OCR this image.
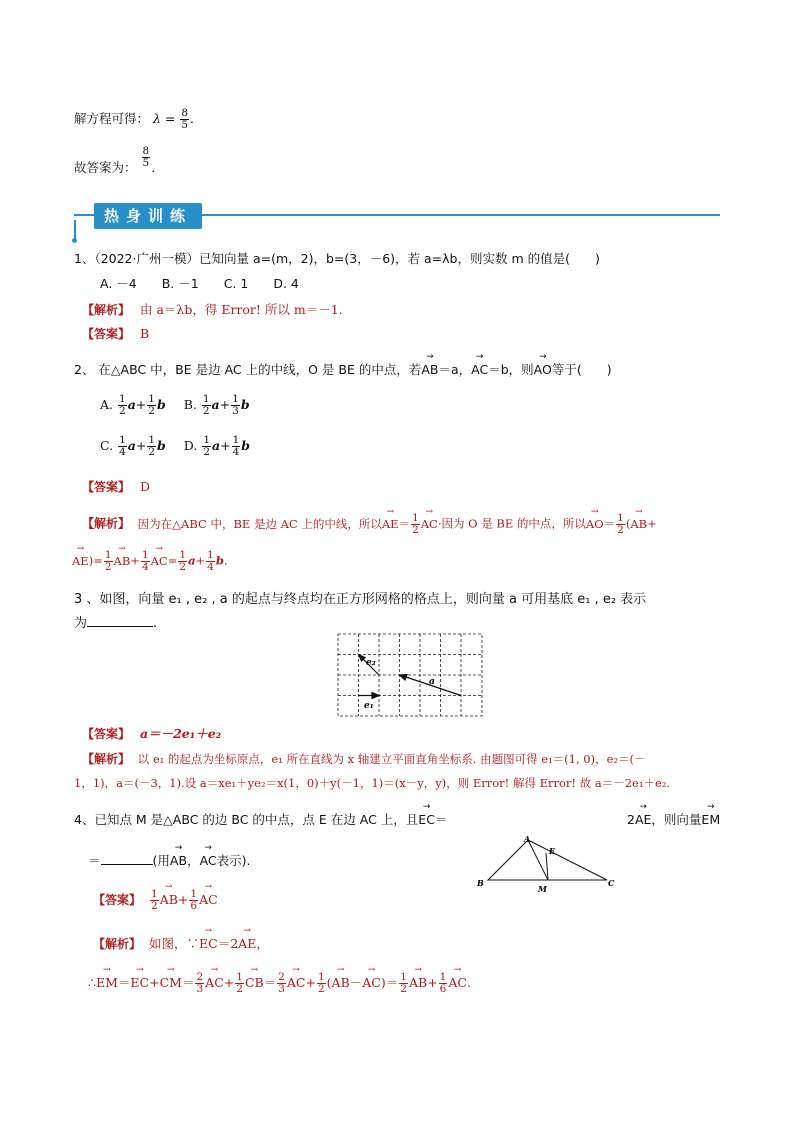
解方程可得： $\lambda = \frac{8}{5}$ .
故答案为： $\frac{8}{5}$ .
热身训练
1、（2022·广州一模）已知向量 a=(m，2)，b=(3，－6)，若 a=λb，则实数 m 的值是(　　)
A. －4　　B. －1　　C. 1　　D. 4
【解析】 由 a＝λb，得 Error! 所以 m＝－1.
【答案】 B
2、 在△ABC 中，BE 是边 AC 上的中线，O 是 BE 的中点，若→ AB＝a，→ AC＝b，则→ AO等于(　　)
A. $\frac{1}{2} a+ \frac{1}{2}$ b B. $\frac{1}{2} a+ \frac{1}{3}$ b
C. $\frac{1}{4} a+ \frac{1}{2}$ b D. $\frac{1}{2} a+ \frac{1}{4}$ b
【答案】 D
【解析】 因为在△ABC 中，BE 是边 AC 上的中线，所以→ $AE= \frac{1}{2}$
→ AC·因为 O 是 BE 的中点，所以→ $AO= \frac{1}{2}$ (→ AB+
→ $AE)= \frac{1}{2}$
→ $AB+ \frac{1}{4}$
→ $AC= \frac{1}{2} a+ \frac{1}{4} b$.
3 、如图，向量 e₁ , e₂ , a 的起点与终点均在正方形网格的格点上，则向量 a 可用基底 e₁ , e₂ 表示
为	.
e₁
e₂
a
【答案】 a＝－2e₁＋e₂
【解析】 以 e₁ 的起点为坐标原点，e₁ 所在直线为 x 轴建立平面直角坐标系. 由题图可得 e₁＝(1, 0)，e₂＝(－
1，1)，a＝(－3，1).设 a＝xe₁＋ye₂＝x(1，0)＋y(－1，1)＝(x－y，y)，则 Error! 解得 Error! 故 a＝－2e₁＋e₂.
4、已知点 M 是△ABC 的边 BC 的中点，点 E 在边 AC 上，且→ EC＝	2→ AE，则向量→ EM
＝	(用→ AB，→ AC表示).
A
B	C
E
M
【答案】 $\frac{1}{2}$
→ $AB+ \frac{1}{6}$
→ AC
【解析】 如图，∵→ EC＝2→ AE，
∴→ $EM=\to EC+\to CM= \frac{2}{3}$
→ $AC+ \frac{1}{2}$
→ $CB= \frac{2}{3}$
→ $AC+ \frac{1}{2}$ (→ $AB-\to AC)= \frac{1}{2}$
→ $AB+ \frac{1}{6}$
→ AC.
